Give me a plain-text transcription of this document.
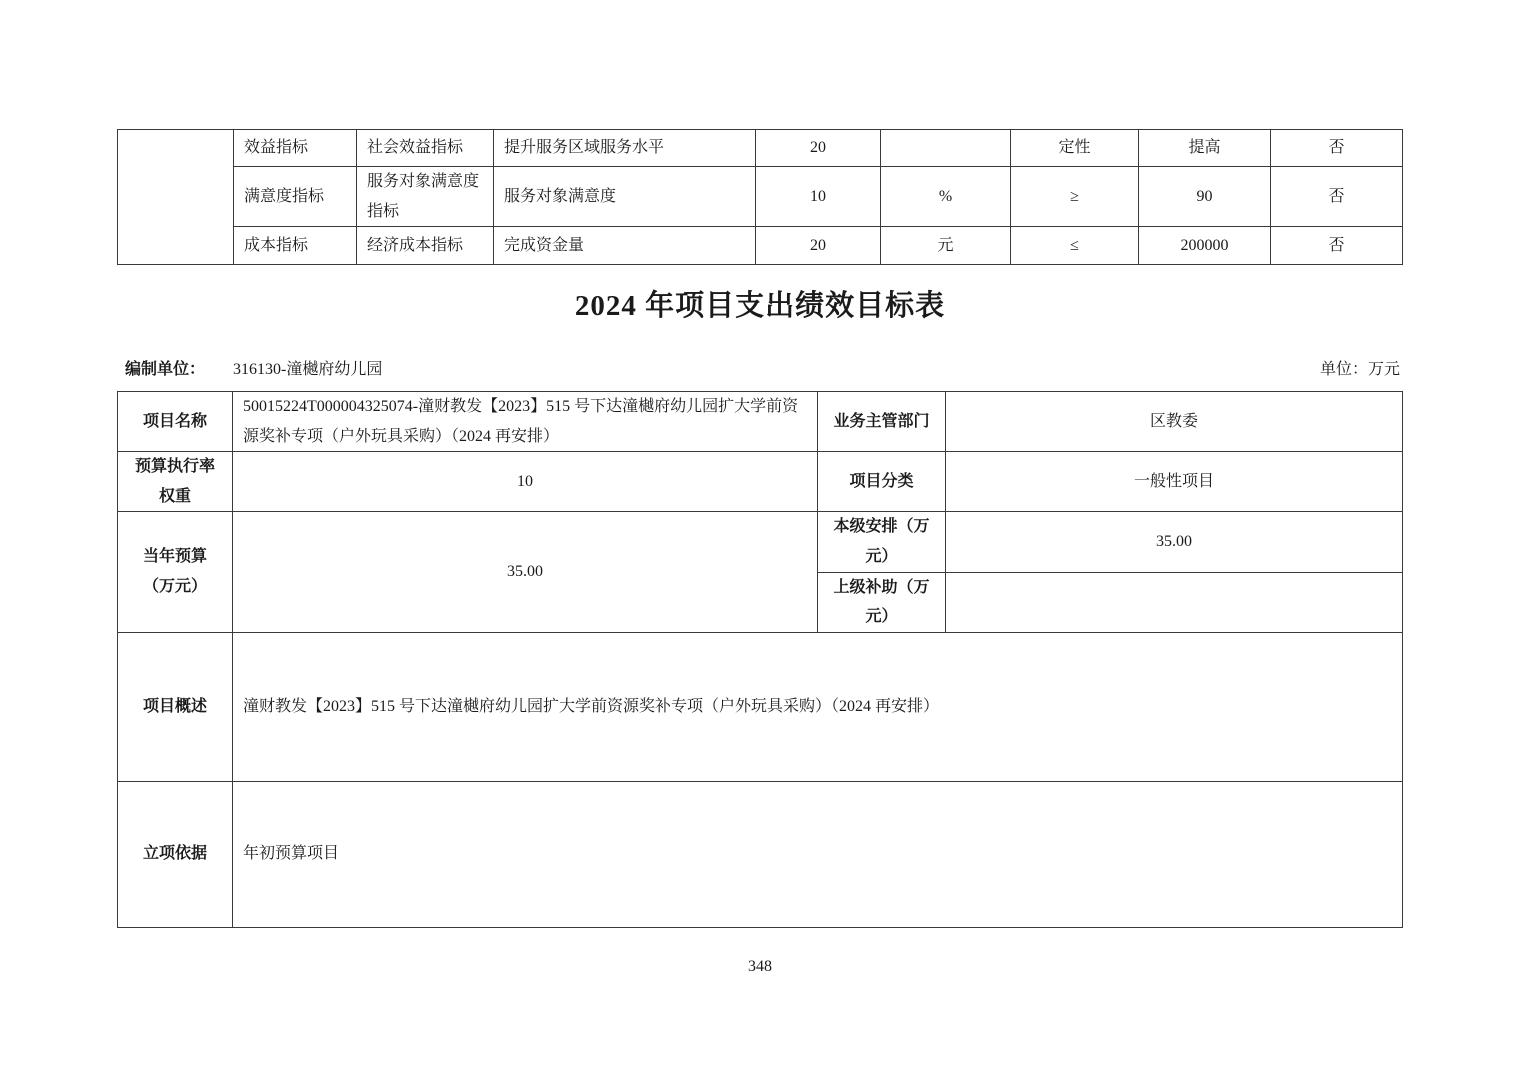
	效益指标	社会效益指标	提升服务区域服务水平	20		定性	提高	否
	满意度指标	服务对象满意度指标	服务对象满意度	10	%	≥	90	否
	成本指标	经济成本指标	完成资金量	20	元	≤	200000	否
2024 年项目支出绩效目标表
编制单位： 316130-潼樾府幼儿园	单位：万元
项目名称	50015224T000004325074-潼财教发【2023】515 号下达潼樾府幼儿园扩大学前资源奖补专项（户外玩具采购）（2024 再安排）	业务主管部门	区教委
预算执行率权重	10	项目分类	一般性项目
当年预算（万元）	35.00	本级安排（万元）	35.00
		上级补助（万元）	
项目概述	潼财教发【2023】515 号下达潼樾府幼儿园扩大学前资源奖补专项（户外玩具采购）（2024 再安排）		
立项依据	年初预算项目		
348
